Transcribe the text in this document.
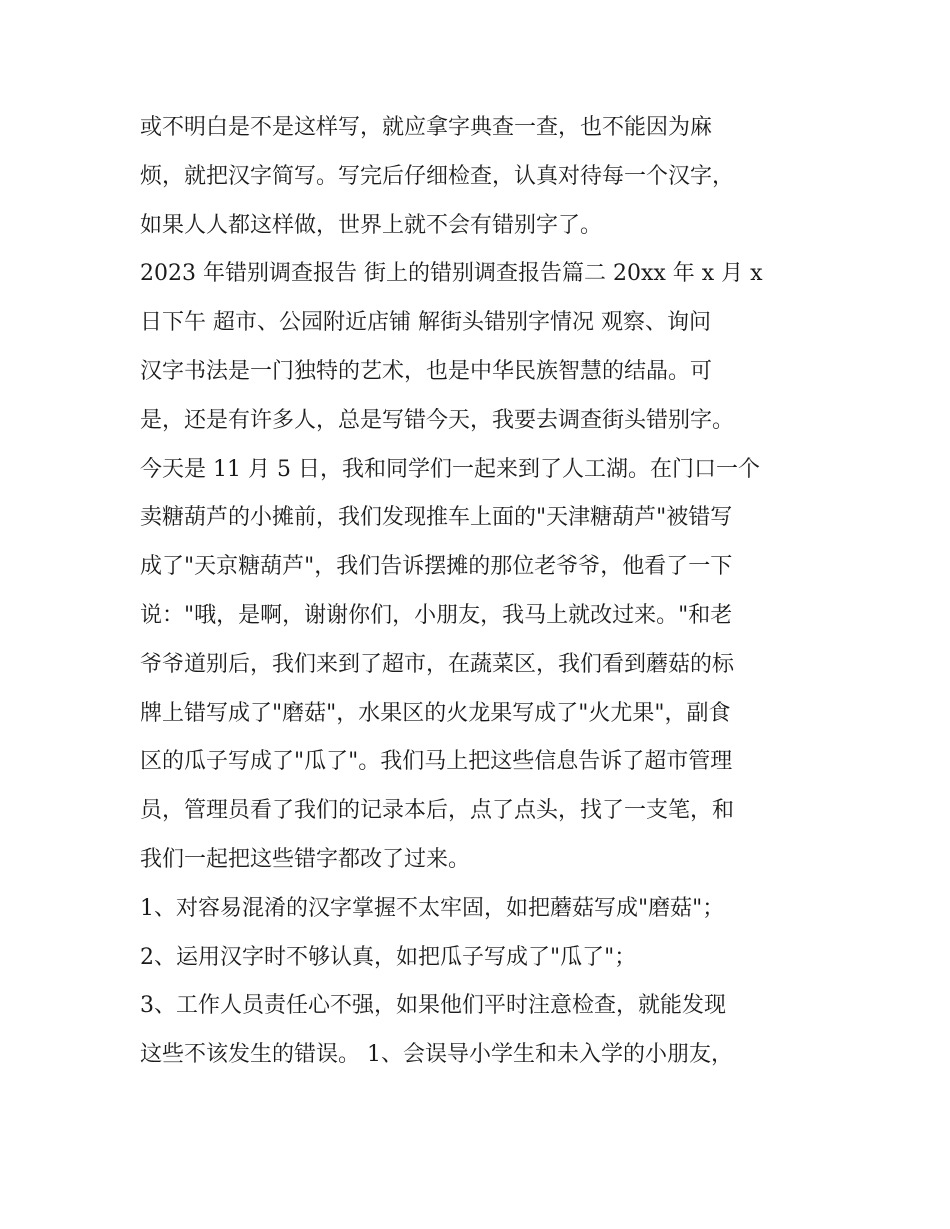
或不明白是不是这样写，就应拿字典查一查，也不能因为麻
烦，就把汉字简写。写完后仔细检查，认真对待每一个汉字，
如果人人都这样做，世界上就不会有错别字了。
2023 年错别调查报告 街上的错别调查报告篇二 20xx 年 x 月 x
日下午 超市、公园附近店铺 解街头错别字情况 观察、询问
汉字书法是一门独特的艺术，也是中华民族智慧的结晶。可
是，还是有许多人，总是写错今天，我要去调查街头错别字。
今天是 11 月 5 日，我和同学们一起来到了人工湖。在门口一个
卖糖葫芦的小摊前，我们发现推车上面的"天津糖葫芦"被错写
成了"天京糖葫芦"，我们告诉摆摊的那位老爷爷，他看了一下
说："哦，是啊，谢谢你们，小朋友，我马上就改过来。"和老
爷爷道别后，我们来到了超市，在蔬菜区，我们看到蘑菇的标
牌上错写成了"磨菇"，水果区的火龙果写成了"火尤果"，副食
区的瓜子写成了"瓜了"。我们马上把这些信息告诉了超市管理
员，管理员看了我们的记录本后，点了点头，找了一支笔，和
我们一起把这些错字都改了过来。
1、对容易混淆的汉字掌握不太牢固，如把蘑菇写成"磨菇"；
2、运用汉字时不够认真，如把瓜子写成了"瓜了"；
3、工作人员责任心不强，如果他们平时注意检查，就能发现
这些不该发生的错误。 1、会误导小学生和未入学的小朋友，
